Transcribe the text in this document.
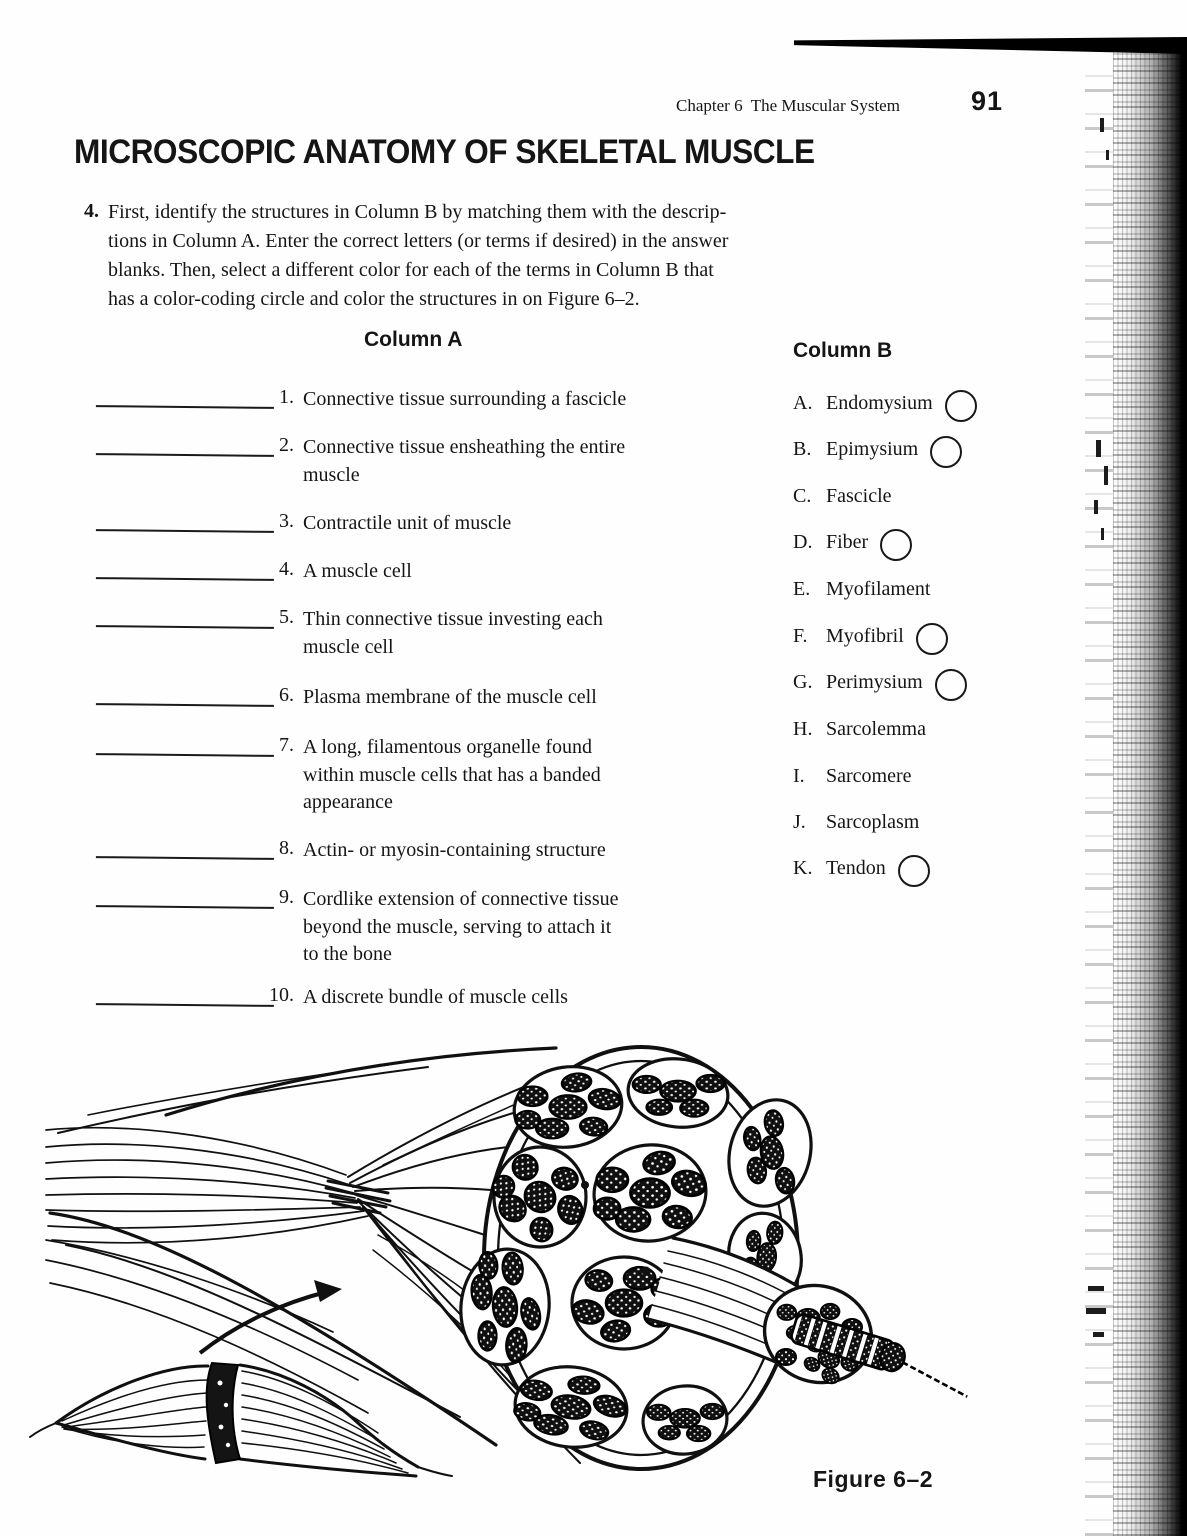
Chapter 6  The Muscular System	91
MICROSCOPIC ANATOMY OF SKELETAL MUSCLE
4. First, identify the structures in Column B by matching them with the descrip-
tions in Column A. Enter the correct letters (or terms if desired) in the answer
blanks. Then, select a different color for each of the terms in Column B that
has a color-coding circle and color the structures in on Figure 6–2.
Column A	Column B
1. Connective tissue surrounding a fascicle
2. Connective tissue ensheathing the entire
muscle
3. Contractile unit of muscle
4. A muscle cell
5. Thin connective tissue investing each
muscle cell
6. Plasma membrane of the muscle cell
7. A long, filamentous organelle found
within muscle cells that has a banded
appearance
8. Actin- or myosin-containing structure
9. Cordlike extension of connective tissue
beyond the muscle, serving to attach it
to the bone
10. A discrete bundle of muscle cells
A. Endomysium
B. Epimysium
C. Fascicle
D. Fiber
E. Myofilament
F. Myofibril
G. Perimysium
H. Sarcolemma
I.	Sarcomere
J.	Sarcoplasm
K. Tendon
Figure 6–2
